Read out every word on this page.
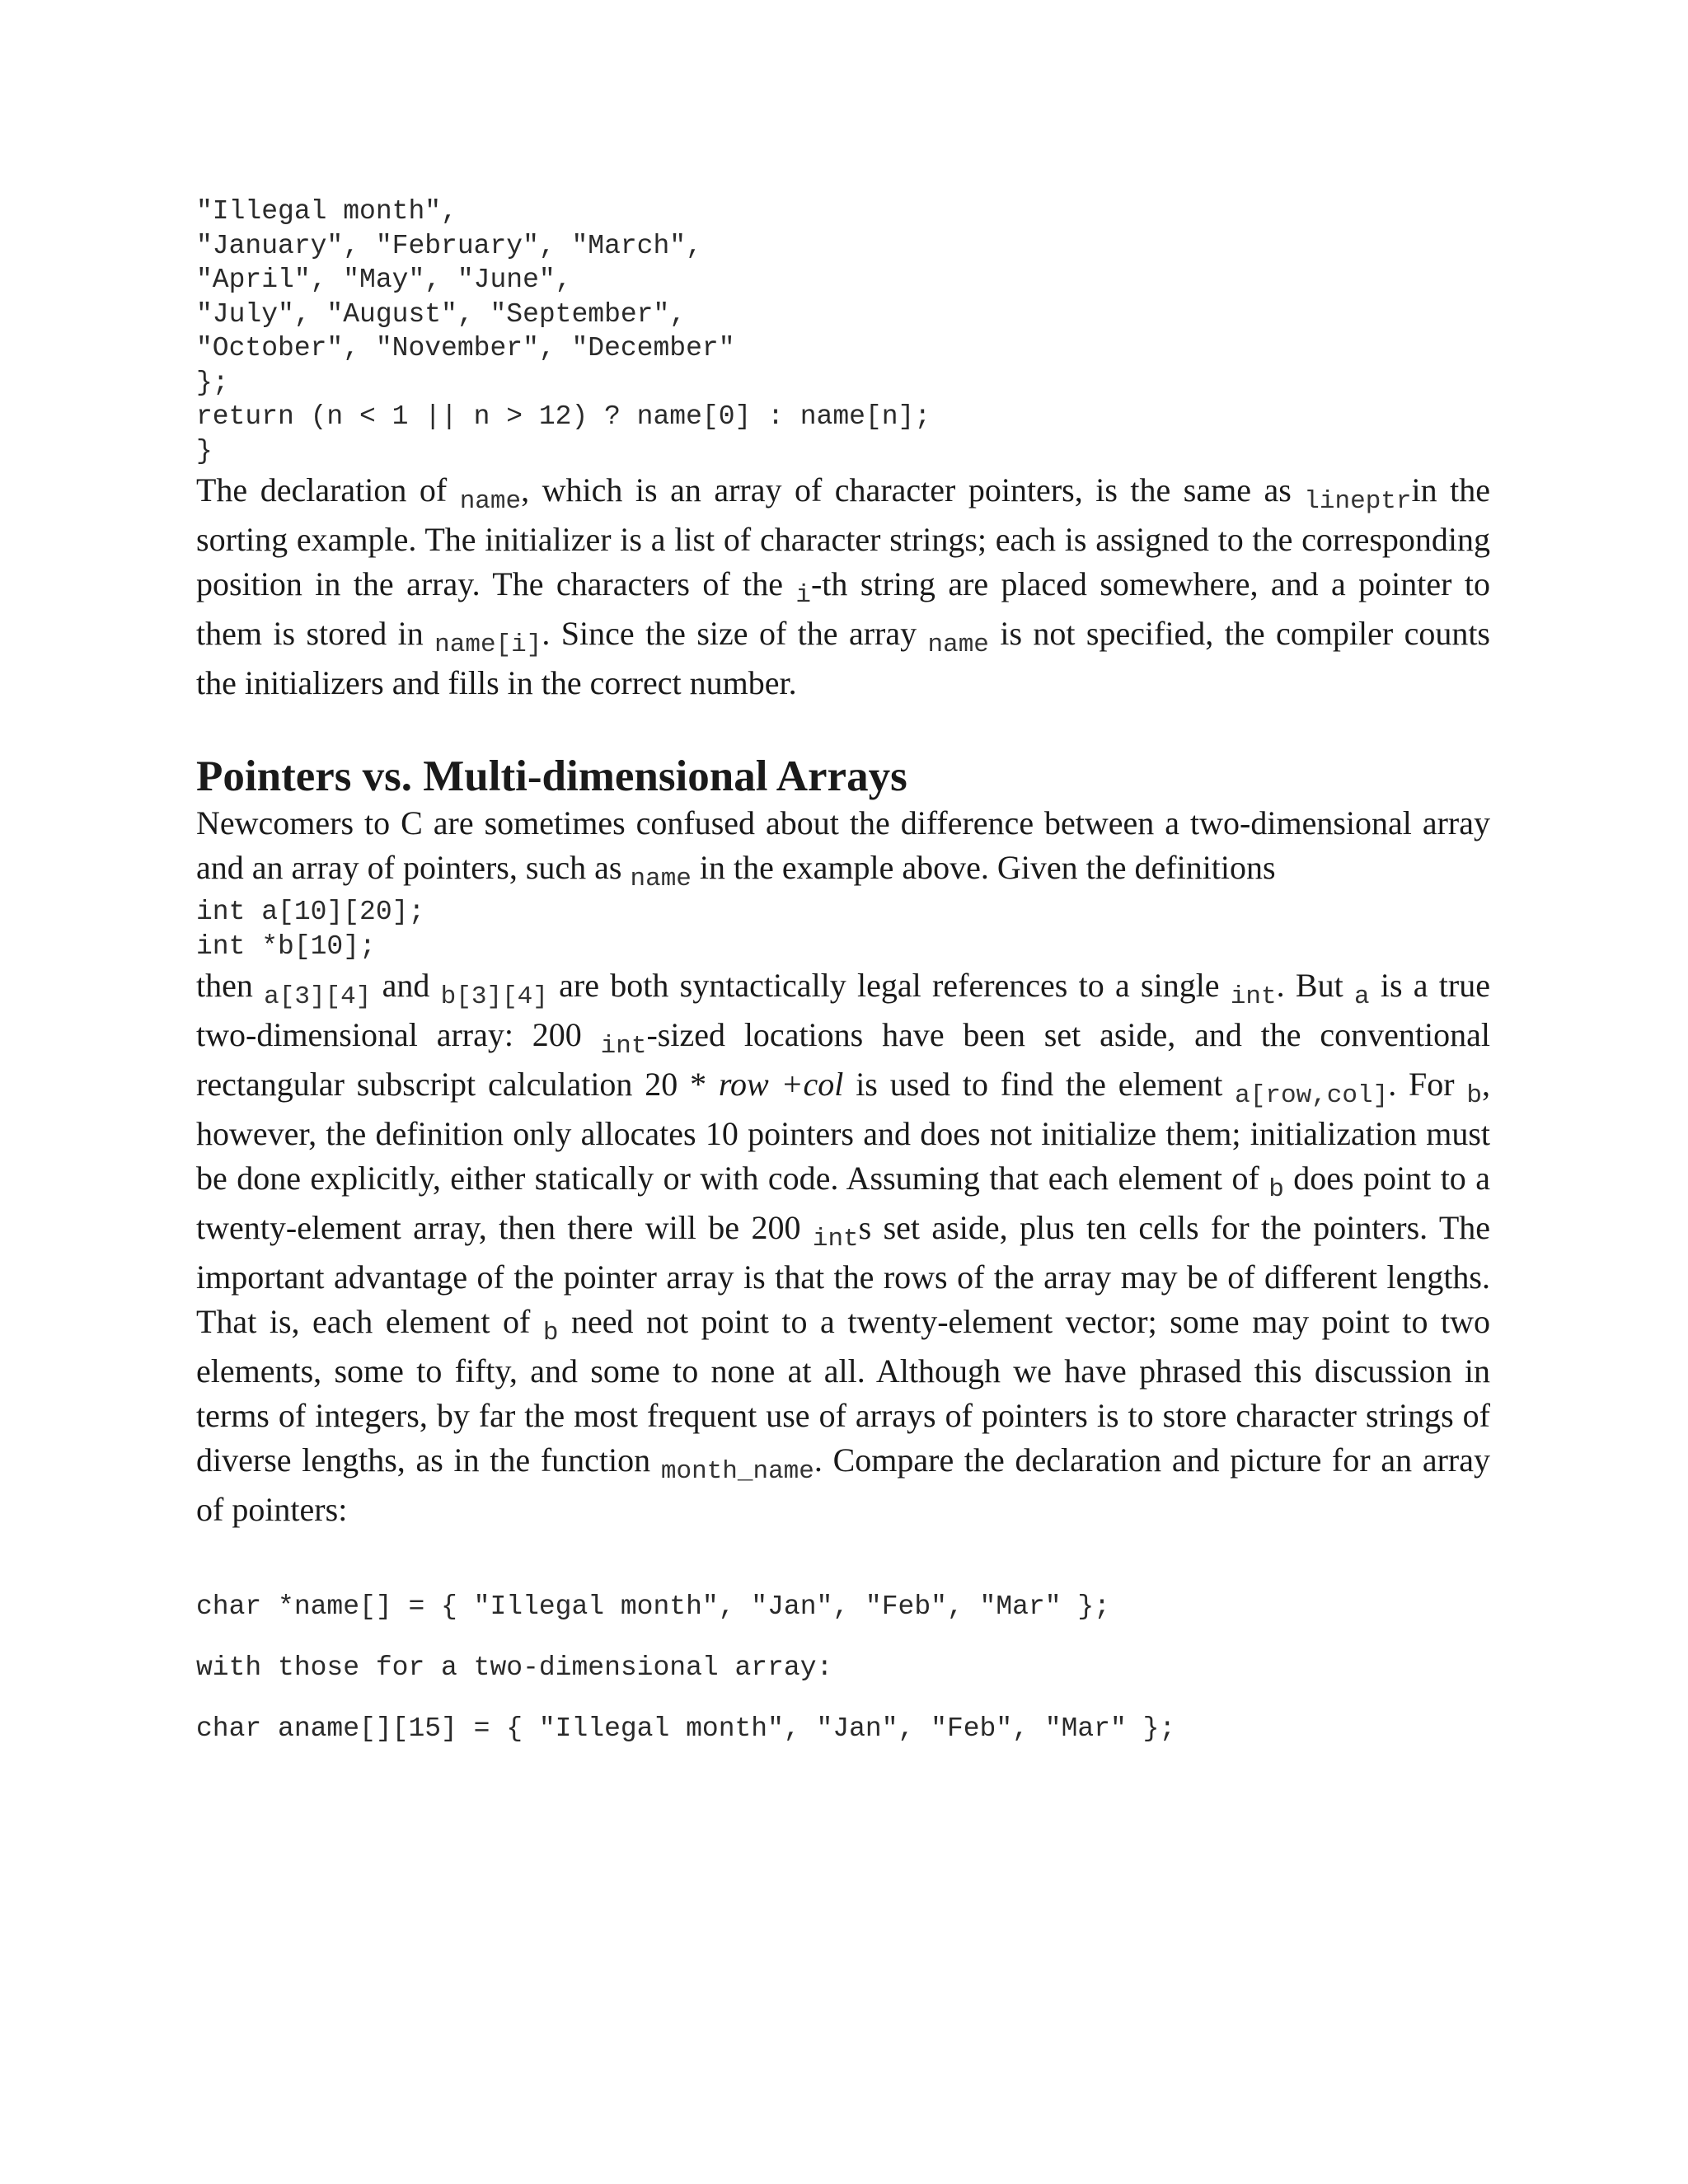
"Illegal month",
"January", "February", "March",
"April", "May", "June",
"July", "August", "September",
"October", "November", "December"
};
return (n < 1 || n > 12) ? name[0] : name[n];
}

The declaration of $_{name}$, which is an array of character pointers, is the same as $_{lineptr}$in the sorting example. The initializer is a list of character strings; each is assigned to the corresponding position in the array. The characters of the $_i$-th string are placed somewhere, and a pointer to them is stored in $_{name[i]}$. Since the size of the array $_{name}$ is not specified, the compiler counts the initializers and fills in the correct number.

Pointers vs. Multi-dimensional Arrays

Newcomers to C are sometimes confused about the difference between a two-dimensional array and an array of pointers, such as $_{name}$ in the example above. Given the definitions

int a[10][20];
int *b[10];

then $_{a[3][4]}$ and $_{b[3][4]}$ are both syntactically legal references to a single $_{int}$. But $_a$ is a true two-dimensional array: 200 $_{int}$-sized locations have been set aside, and the conventional rectangular subscript calculation 20 * row +col is used to find the element $_{a[row,col]}$. For $_b$, however, the definition only allocates 10 pointers and does not initialize them; initialization must be done explicitly, either statically or with code. Assuming that each element of $_b$ does point to a twenty-element array, then there will be 200 $_{int}$s set aside, plus ten cells for the pointers. The important advantage of the pointer array is that the rows of the array may be of different lengths. That is, each element of $_b$ need not point to a twenty-element vector; some may point to two elements, some to fifty, and some to none at all. Although we have phrased this discussion in terms of integers, by far the most frequent use of arrays of pointers is to store character strings of diverse lengths, as in the function $_{month\_name}$. Compare the declaration and picture for an array of pointers:

char *name[] = { "Illegal month", "Jan", "Feb", "Mar" };
with those for a two-dimensional array:
char aname[][15] = { "Illegal month", "Jan", "Feb", "Mar" };
